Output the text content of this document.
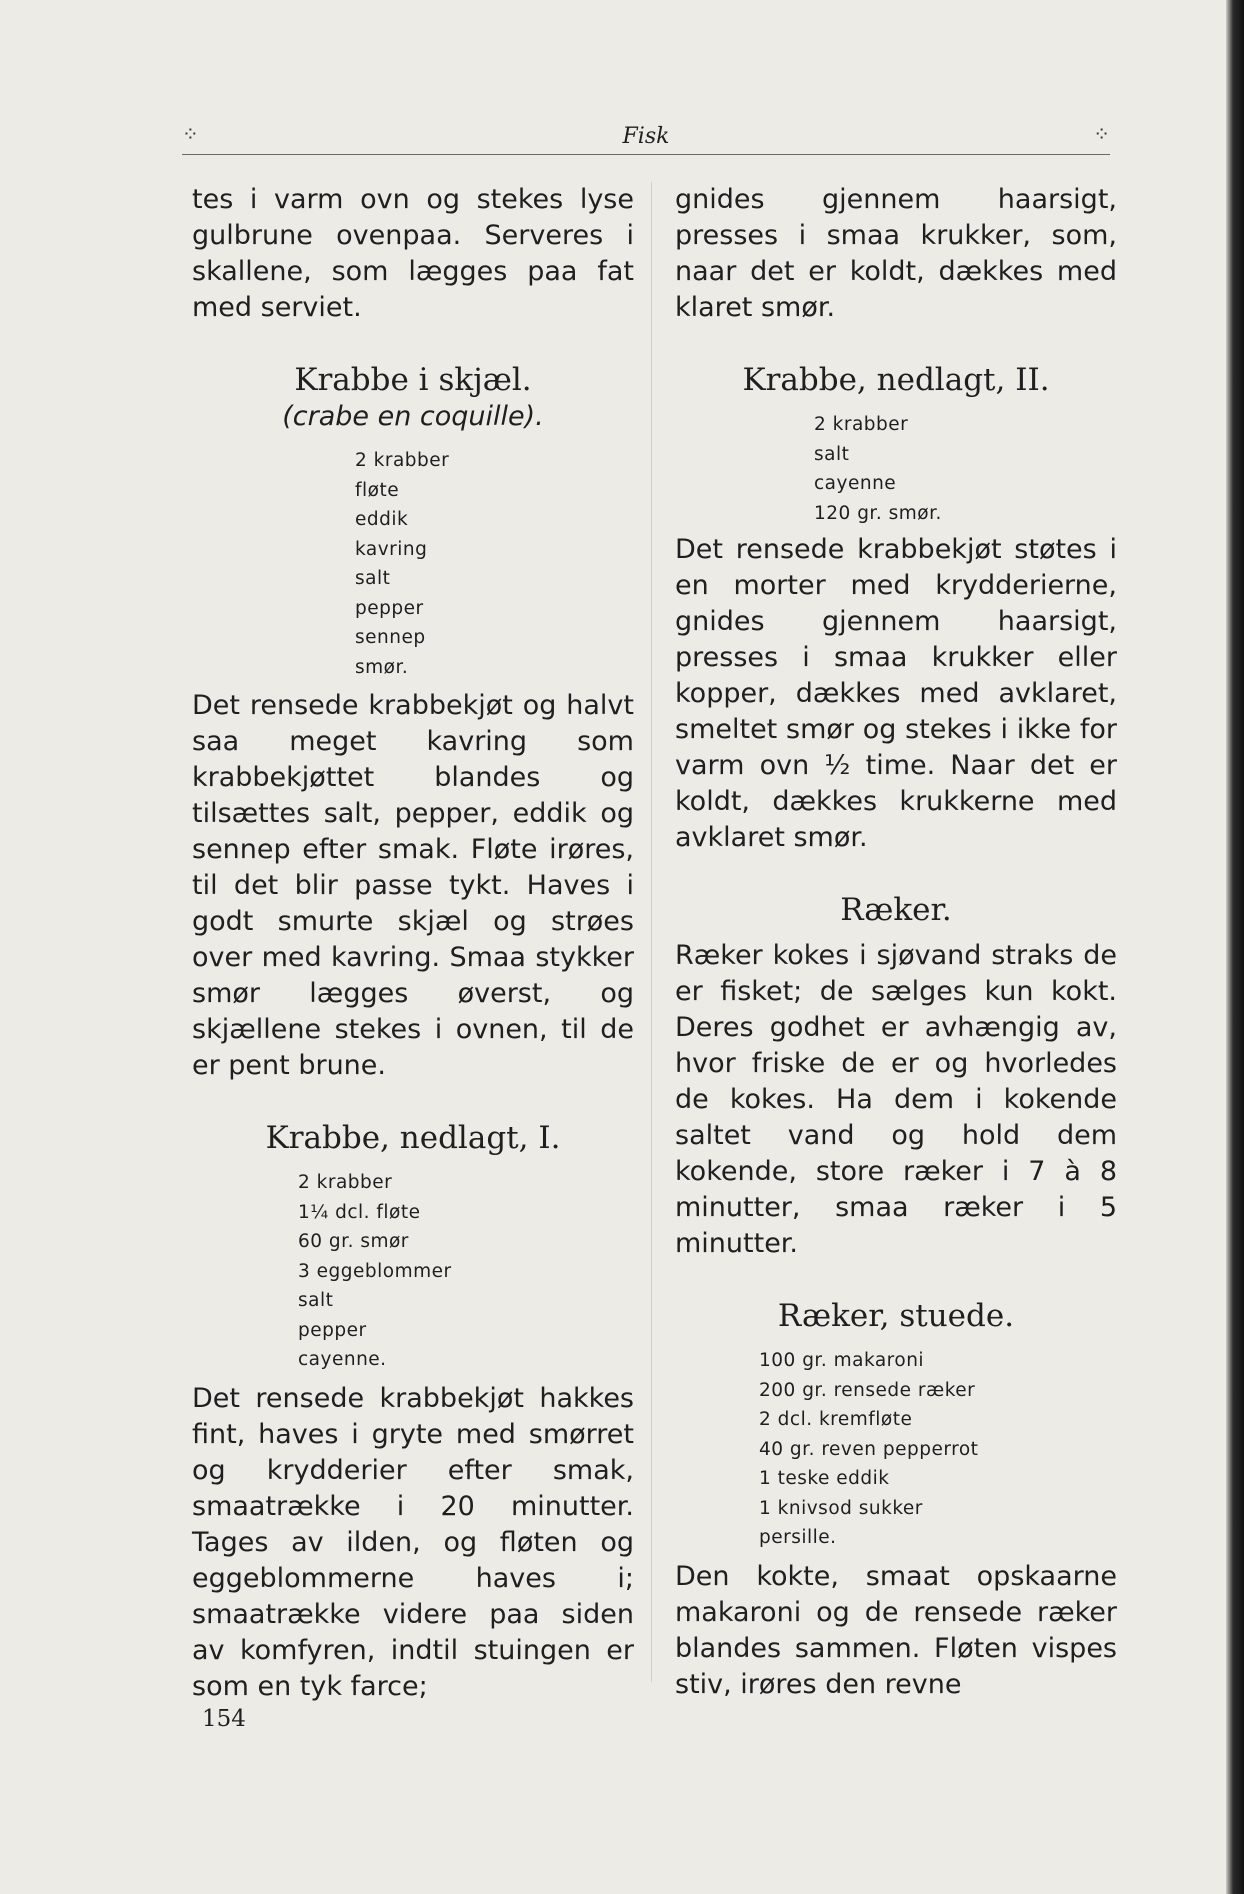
⁘	Fisk	⁘

tes i varm ovn og stekes lyse gulbrune ovenpaa. Serveres i skallene, som lægges paa fat med serviet.

Krabbe i skjæl.
(crabe en coquille).
2 krabber
fløte
eddik
kavring
salt
pepper
sennep
smør.

Det rensede krabbekjøt og halvt saa meget kavring som krabbekjøttet blandes og tilsættes salt, pepper, eddik og sennep efter smak. Fløte irøres, til det blir passe tykt. Haves i godt smurte skjæl og strøes over med kavring. Smaa stykker smør lægges øverst, og skjællene stekes i ovnen, til de er pent brune.

Krabbe, nedlagt, I.
2 krabber
1¼ dcl. fløte
60 gr. smør
3 eggeblommer
salt
pepper
cayenne.

Det rensede krabbekjøt hakkes fint, haves i gryte med smørret og krydderier efter smak, smaatrække i 20 minutter. Tages av ilden, og fløten og eggeblommerne haves i; smaatrække videre paa siden av komfyren, indtil stuingen er som en tyk farce;

gnides gjennem haarsigt, presses i smaa krukker, som, naar det er koldt, dækkes med klaret smør.

Krabbe, nedlagt, II.
2 krabber
salt
cayenne
120 gr. smør.

Det rensede krabbekjøt støtes i en morter med krydderierne, gnides gjennem haarsigt, presses i smaa krukker eller kopper, dækkes med avklaret, smeltet smør og stekes i ikke for varm ovn ½ time. Naar det er koldt, dækkes krukkerne med avklaret smør.

Ræker.

Ræker kokes i sjøvand straks de er fisket; de sælges kun kokt. Deres godhet er avhængig av, hvor friske de er og hvorledes de kokes. Ha dem i kokende saltet vand og hold dem kokende, store ræker i 7 à 8 minutter, smaa ræker i 5 minutter.

Ræker, stuede.
100 gr. makaroni
200 gr. rensede ræker
2 dcl. kremfløte
40 gr. reven pepperrot
1 teske eddik
1 knivsod sukker
persille.

Den kokte, smaat opskaarne makaroni og de rensede ræker blandes sammen. Fløten vispes stiv, irøres den revne

154
